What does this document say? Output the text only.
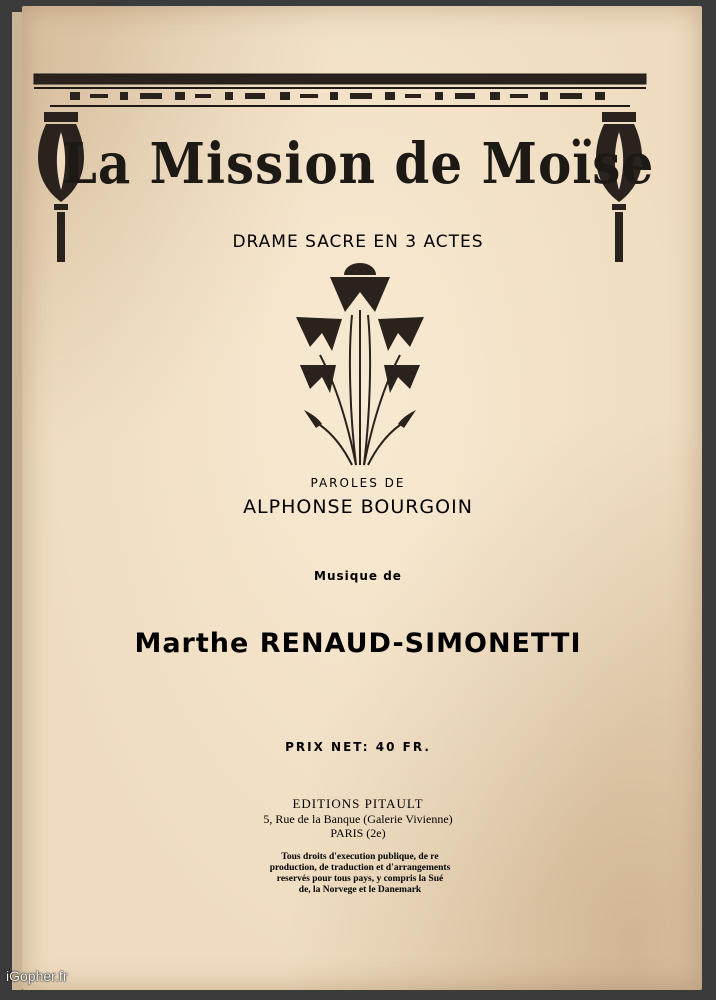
La Mission de Moïse
DRAME SACRE EN 3 ACTES
PAROLES DE
ALPHONSE BOURGOIN
Musique de
Marthe RENAUD-SIMONETTI
PRIX NET: 40 FR.
EDITIONS PITAULT
5, Rue de la Banque (Galerie Vivienne)
PARIS (2e)
Tous droits d'execution publique, de re
production, de traduction et d'arrangements
reservés pour tous pays, y compris la Sué
de, la Norvege et le Danemark
iGopher.fr
